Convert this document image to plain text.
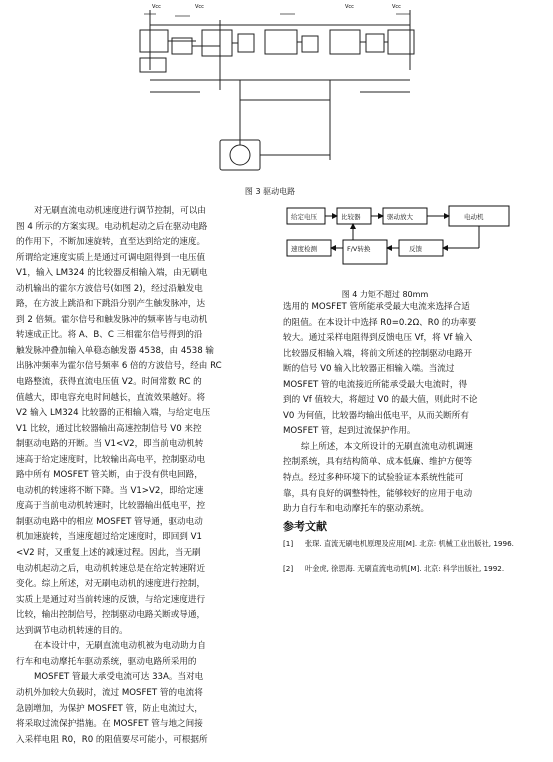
Vcc	Vcc	Vcc	Vcc
图 3 驱动电路
对无刷直流电动机速度进行调节控制，可以由
图 4 所示的方案实现。电动机起动之后在驱动电路
的作用下，不断加速旋转，直至达到给定的速度。
所谓给定速度实质上是通过可调电阻得到一电压值
V1，输入 LM324 的比较器反相输入端，由无刷电
动机输出的霍尔方波信号(如图 2)，经过沿触发电
路，在方波上跳沿和下跳沿分别产生触发脉冲，达
到 2 倍频。霍尔信号和触发脉冲的频率皆与电动机
转速成正比。将 A、B、C 三相霍尔信号得到的沿
触发脉冲叠加输入单稳态触发器 4538，由 4538 输
出脉冲频率为霍尔信号频率 6 倍的方波信号，经由 RC
电路整流，获得直流电压值 V2。时间常数 RC 的
值越大，即电容充电时间越长，直流效果越好。将
V2 输入 LM324 比较器的正相输入端，与给定电压
V1 比较，通过比较器输出高速控制信号 V0 来控
制驱动电路的开断。当 V1<V2，即当前电动机转
速高于给定速度时，比较输出高电平，控制驱动电
路中所有 MOSFET 管关断，由于没有供电回路，
电动机的转速将不断下降。当 V1>V2，即给定速
度高于当前电动机转速时，比较器输出低电平，控
制驱动电路中的相应 MOSFET 管导通，驱动电动
机加速旋转，当速度超过给定速度时，即回到 V1
<V2 时，又重复上述的减速过程。因此，当无刷
电动机起动之后，电动机转速总是在给定转速附近
变化。综上所述，对无刷电动机的速度进行控制，
实质上是通过对当前转速的反馈，与给定速度进行
比较，输出控制信号，控制驱动电路关断或导通，
达到调节电动机转速的目的。
在本设计中，无刷直流电动机被为电动助力自
行车和电动摩托车驱动系统，驱动电路所采用的
MOSFET 管最大承受电流可达 33A。当对电
动机外加较大负载时，流过 MOSFET 管的电流将
急剧增加，为保护 MOSFET 管，防止电流过大，
将采取过流保护措施。在 MOSFET 管与地之间接
入采样电阻 R0，R0 的阻值要尽可能小，可根据所
给定电压	比较器	驱动放大	电动机
速度检测	F/V转换	反馈
图 4 力矩不超过 80mm
选用的 MOSFET 管所能承受最大电流来选择合适
的阻值。在本设计中选择 R0=0.2Ω、R0 的功率要
较大。通过采样电阻得到反馈电压 Vf，将 Vf 输入
比较器反相输入端，将前文所述的控制驱动电路开
断的信号 V0 输入比较器正相输入端。当流过
MOSFET 管的电流接近所能承受最大电流时，得
到的 Vf 值较大，将超过 V0 的最大值，则此时不论
V0 为何值，比较器均输出低电平，从而关断所有
MOSFET 管，起到过流保护作用。
综上所述，本文所设计的无刷直流电动机调速
控制系统，具有结构简单、成本低廉、维护方便等
特点。经过多种环境下的试验验证本系统性能可
靠，具有良好的调整特性，能够较好的应用于电动
助力自行车和电动摩托车的驱动系统。
参考文献
[1] 张琛. 直流无刷电机原理及应用[M]. 北京: 机械工业出版社, 1996.
[2] 叶金虎, 徐思海. 无刷直流电动机[M]. 北京: 科学出版社, 1992.
